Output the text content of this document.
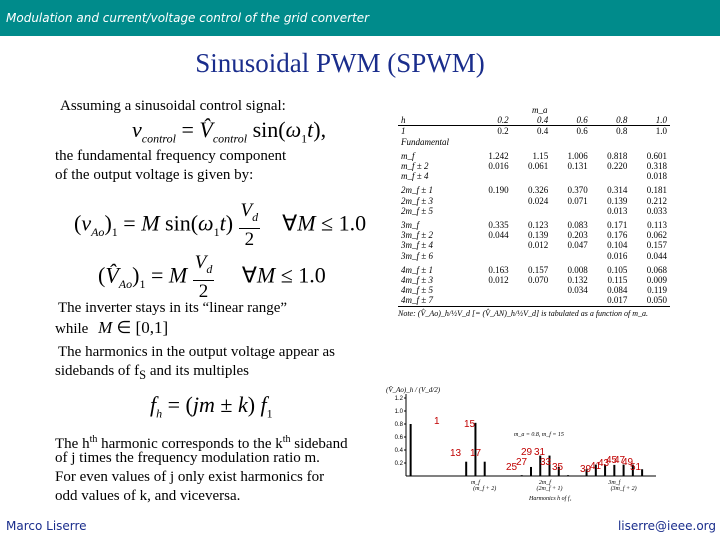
Modulation and current/voltage control of the grid converter
Sinusoidal PWM (SPWM)
Assuming a sinusoidal control signal:
$v_{control}$ = $V̂_{control}$ $\sin(\omega_1t)$,
the fundamental frequency component
of the output voltage is given by:
$(v_{Ao})_1 = M$ $\sin(\omega_1t) \frac{V_d}{2}$ ∀M ≤ 1.0
$(V̂_{Ao})_1 = M \frac{V_d}{2}$ ∀M ≤ 1.0
The inverter stays in its “linear range”
while M ∈ [0,1]
The harmonics in the output voltage appear as
sidebands of $f_S$ and its multiples
$f_h = (jm \pm k)$ $f_1$
The $h^{th}$ harmonic corresponds to the $k^{th}$ sideband
of j times the frequency modulation ratio m.
For even values of j only exist harmonics for
odd values of k, and viceversa.
	m_a				
h	0.2	0.4	0.6	0.8	1.0
1	0.2	0.4	0.6	0.8	1.0
Fundamental					

m_f	1.242	1.15	1.006	0.818	0.601
m_f ± 2	0.016	0.061	0.131	0.220	0.318
m_f ± 4					0.018

2m_f ± 1	0.190	0.326	0.370	0.314	0.181
2m_f ± 3		0.024	0.071	0.139	0.212
2m_f ± 5				0.013	0.033

3m_f	0.335	0.123	0.083	0.171	0.113
3m_f ± 2	0.044	0.139	0.203	0.176	0.062
3m_f ± 4		0.012	0.047	0.104	0.157
3m_f ± 6				0.016	0.044

4m_f ± 1	0.163	0.157	0.008	0.105	0.068
4m_f ± 3	0.012	0.070	0.132	0.115	0.009
4m_f ± 5			0.034	0.084	0.119
4m_f ± 7				0.017	0.050
Note: (V̂_Ao)_h/½V_d [= (V̂_AN)_h/½V_d] is tabulated as a function of m_a.
(V̂_Ao)_h / (V_d/2)
1.2
1.0
0.8
0.6
0.4
0.2
m_a = 0.8, m_f = 15
m_f
(m_f + 2)
2m_f
(2m_f + 1)
3m_f
(3m_f + 2)
Harmonics h of f₁
1 15
13 17	29 31
27 33
25	35 39
41
43
45
47
49
51
Marco Liserre	liserre@ieee.org
